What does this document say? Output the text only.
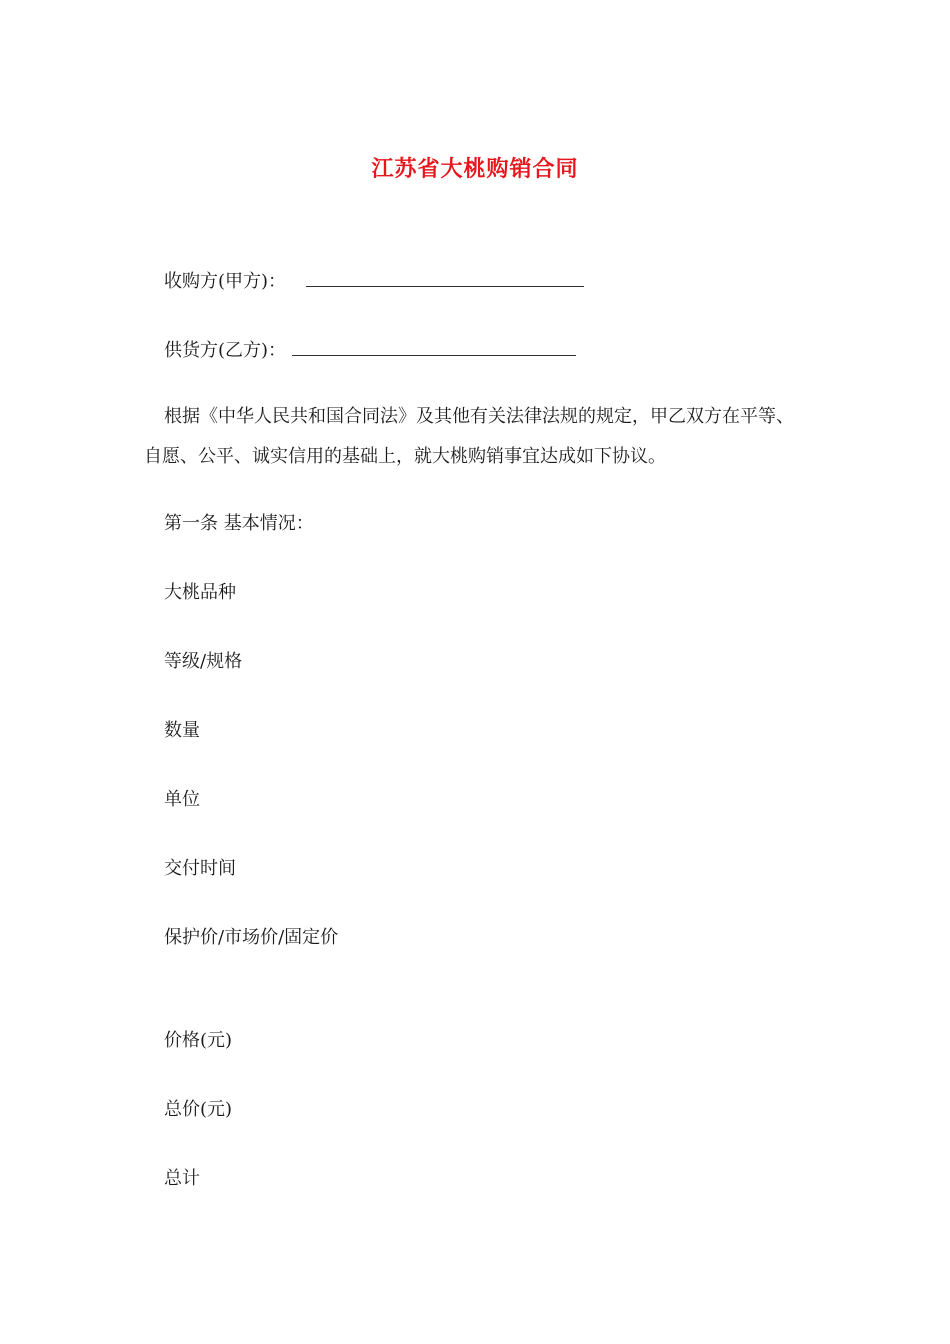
江苏省大桃购销合同
收购方(甲方)：
供货方(乙方)：
根据《中华人民共和国合同法》及其他有关法律法规的规定，甲乙双方在平等、自愿、公平、诚实信用的基础上，就大桃购销事宜达成如下协议。
第一条 基本情况：
大桃品种
等级/规格
数量
单位
交付时间
保护价/市场价/固定价
价格(元)
总价(元)
总计
